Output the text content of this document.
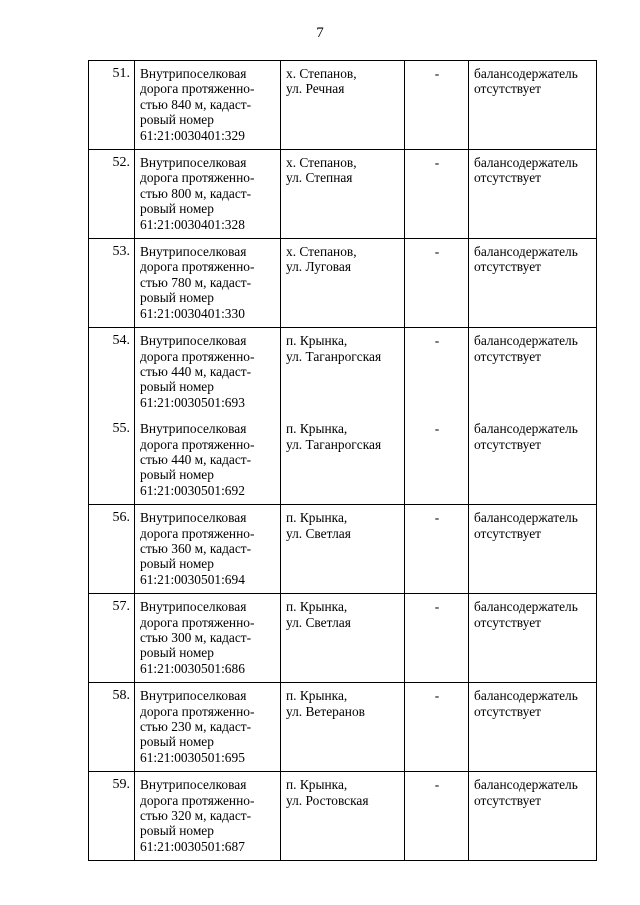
7
51.	Внутрипоселковая
дорога протяженно-
стью 840 м, кадаст-
ровый номер
61:21:0030401:329	х. Степанов,
ул. Речная	-	балансодержатель
отсутствует

52.	Внутрипоселковая
дорога протяженно-
стью 800 м, кадаст-
ровый номер
61:21:0030401:328	х. Степанов,
ул. Степная	-	балансодержатель
отсутствует

53.	Внутрипоселковая
дорога протяженно-
стью 780 м, кадаст-
ровый номер
61:21:0030401:330	х. Степанов,
ул. Луговая	-	балансодержатель
отсутствует

54.	Внутрипоселковая
дорога протяженно-
стью 440 м, кадаст-
ровый номер
61:21:0030501:693	п. Крынка,
ул. Таганрогская	-	балансодержатель
отсутствует

55.	Внутрипоселковая
дорога протяженно-
стью 440 м, кадаст-
ровый номер
61:21:0030501:692	п. Крынка,
ул. Таганрогская	-	балансодержатель
отсутствует

56.	Внутрипоселковая
дорога протяженно-
стью 360 м, кадаст-
ровый номер
61:21:0030501:694	п. Крынка,
ул. Светлая	-	балансодержатель
отсутствует

57.	Внутрипоселковая
дорога протяженно-
стью 300 м, кадаст-
ровый номер
61:21:0030501:686	п. Крынка,
ул. Светлая	-	балансодержатель
отсутствует

58.	Внутрипоселковая
дорога протяженно-
стью 230 м, кадаст-
ровый номер
61:21:0030501:695	п. Крынка,
ул. Ветеранов	-	балансодержатель
отсутствует

59.	Внутрипоселковая
дорога протяженно-
стью 320 м, кадаст-
ровый номер
61:21:0030501:687	п. Крынка,
ул. Ростовская	-	балансодержатель
отсутствует
